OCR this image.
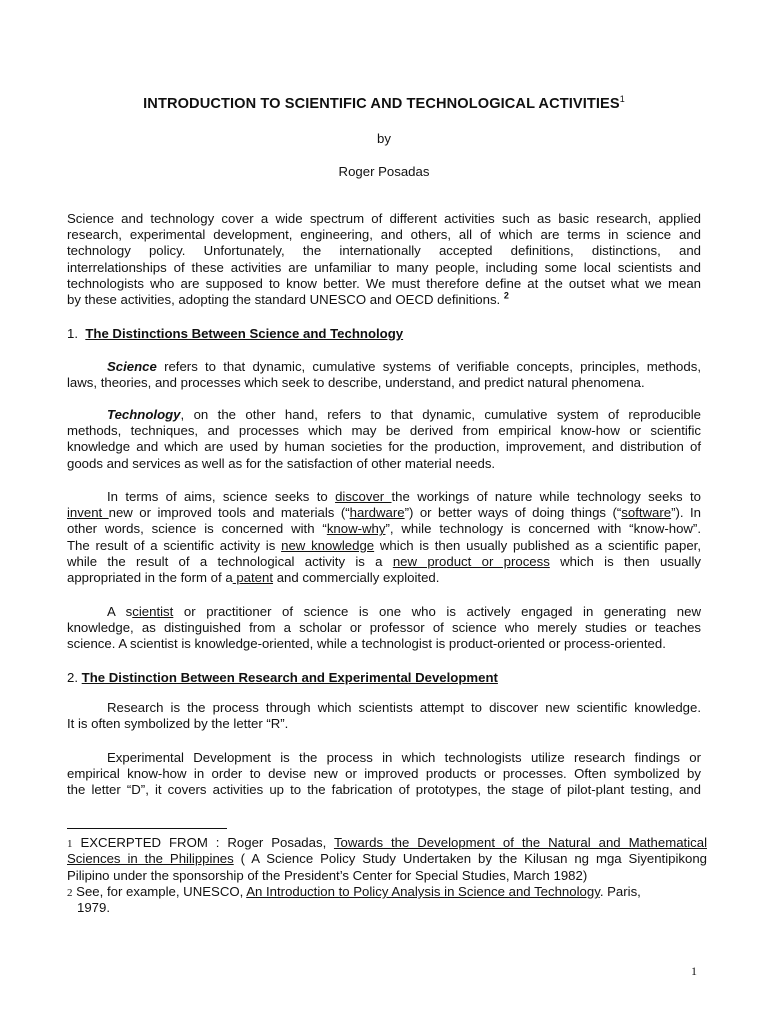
INTRODUCTION TO SCIENTIFIC AND TECHNOLOGICAL ACTIVITIES$^1$
by
Roger Posadas
Science and technology cover a wide spectrum of different activities such as basic research, applied
research, experimental development, engineering, and others, all of which are terms in science and
technology policy. Unfortunately, the internationally accepted definitions, distinctions, and
interrelationships of these activities are unfamiliar to many people, including some local scientists and
technologists who are supposed to know better. We must therefore define at the outset what we mean
by these activities, adopting the standard UNESCO and OECD definitions. $^2$
1. The Distinctions Between Science and Technology
Science refers to that dynamic, cumulative systems of verifiable concepts, principles, methods,
laws, theories, and processes which seek to describe, understand, and predict natural phenomena.
Technology, on the other hand, refers to that dynamic, cumulative system of reproducible
methods, techniques, and processes which may be derived from empirical know-how or scientific
knowledge and which are used by human societies for the production, improvement, and distribution of
goods and services as well as for the satisfaction of other material needs.
In terms of aims, science seeks to discover the workings of nature while technology seeks to
invent new or improved tools and materials (“hardware”) or better ways of doing things (“software”). In
other words, science is concerned with “know-why”, while technology is concerned with “know-how”.
The result of a scientific activity is new knowledge which is then usually published as a scientific paper,
while the result of a technological activity is a new product or process which is then usually
appropriated in the form of a patent and commercially exploited.
A scientist or practitioner of science is one who is actively engaged in generating new
knowledge, as distinguished from a scholar or professor of science who merely studies or teaches
science. A scientist is knowledge-oriented, while a technologist is product-oriented or process-oriented.
2. The Distinction Between Research and Experimental Development
Research is the process through which scientists attempt to discover new scientific knowledge.
It is often symbolized by the letter “R”.
Experimental Development is the process in which technologists utilize research findings or
empirical know-how in order to devise new or improved products or processes. Often symbolized by
the letter “D”, it covers activities up to the fabrication of prototypes, the stage of pilot-plant testing, and
1 EXCERPTED FROM : Roger Posadas, Towards the Development of the Natural and Mathematical
Sciences in the Philippines ( A Science Policy Study Undertaken by the Kilusan ng mga Siyentipikong
Pilipino under the sponsorship of the President’s Center for Special Studies, March 1982)
2 See, for example, UNESCO, An Introduction to Policy Analysis in Science and Technology. Paris,
1979.
1
